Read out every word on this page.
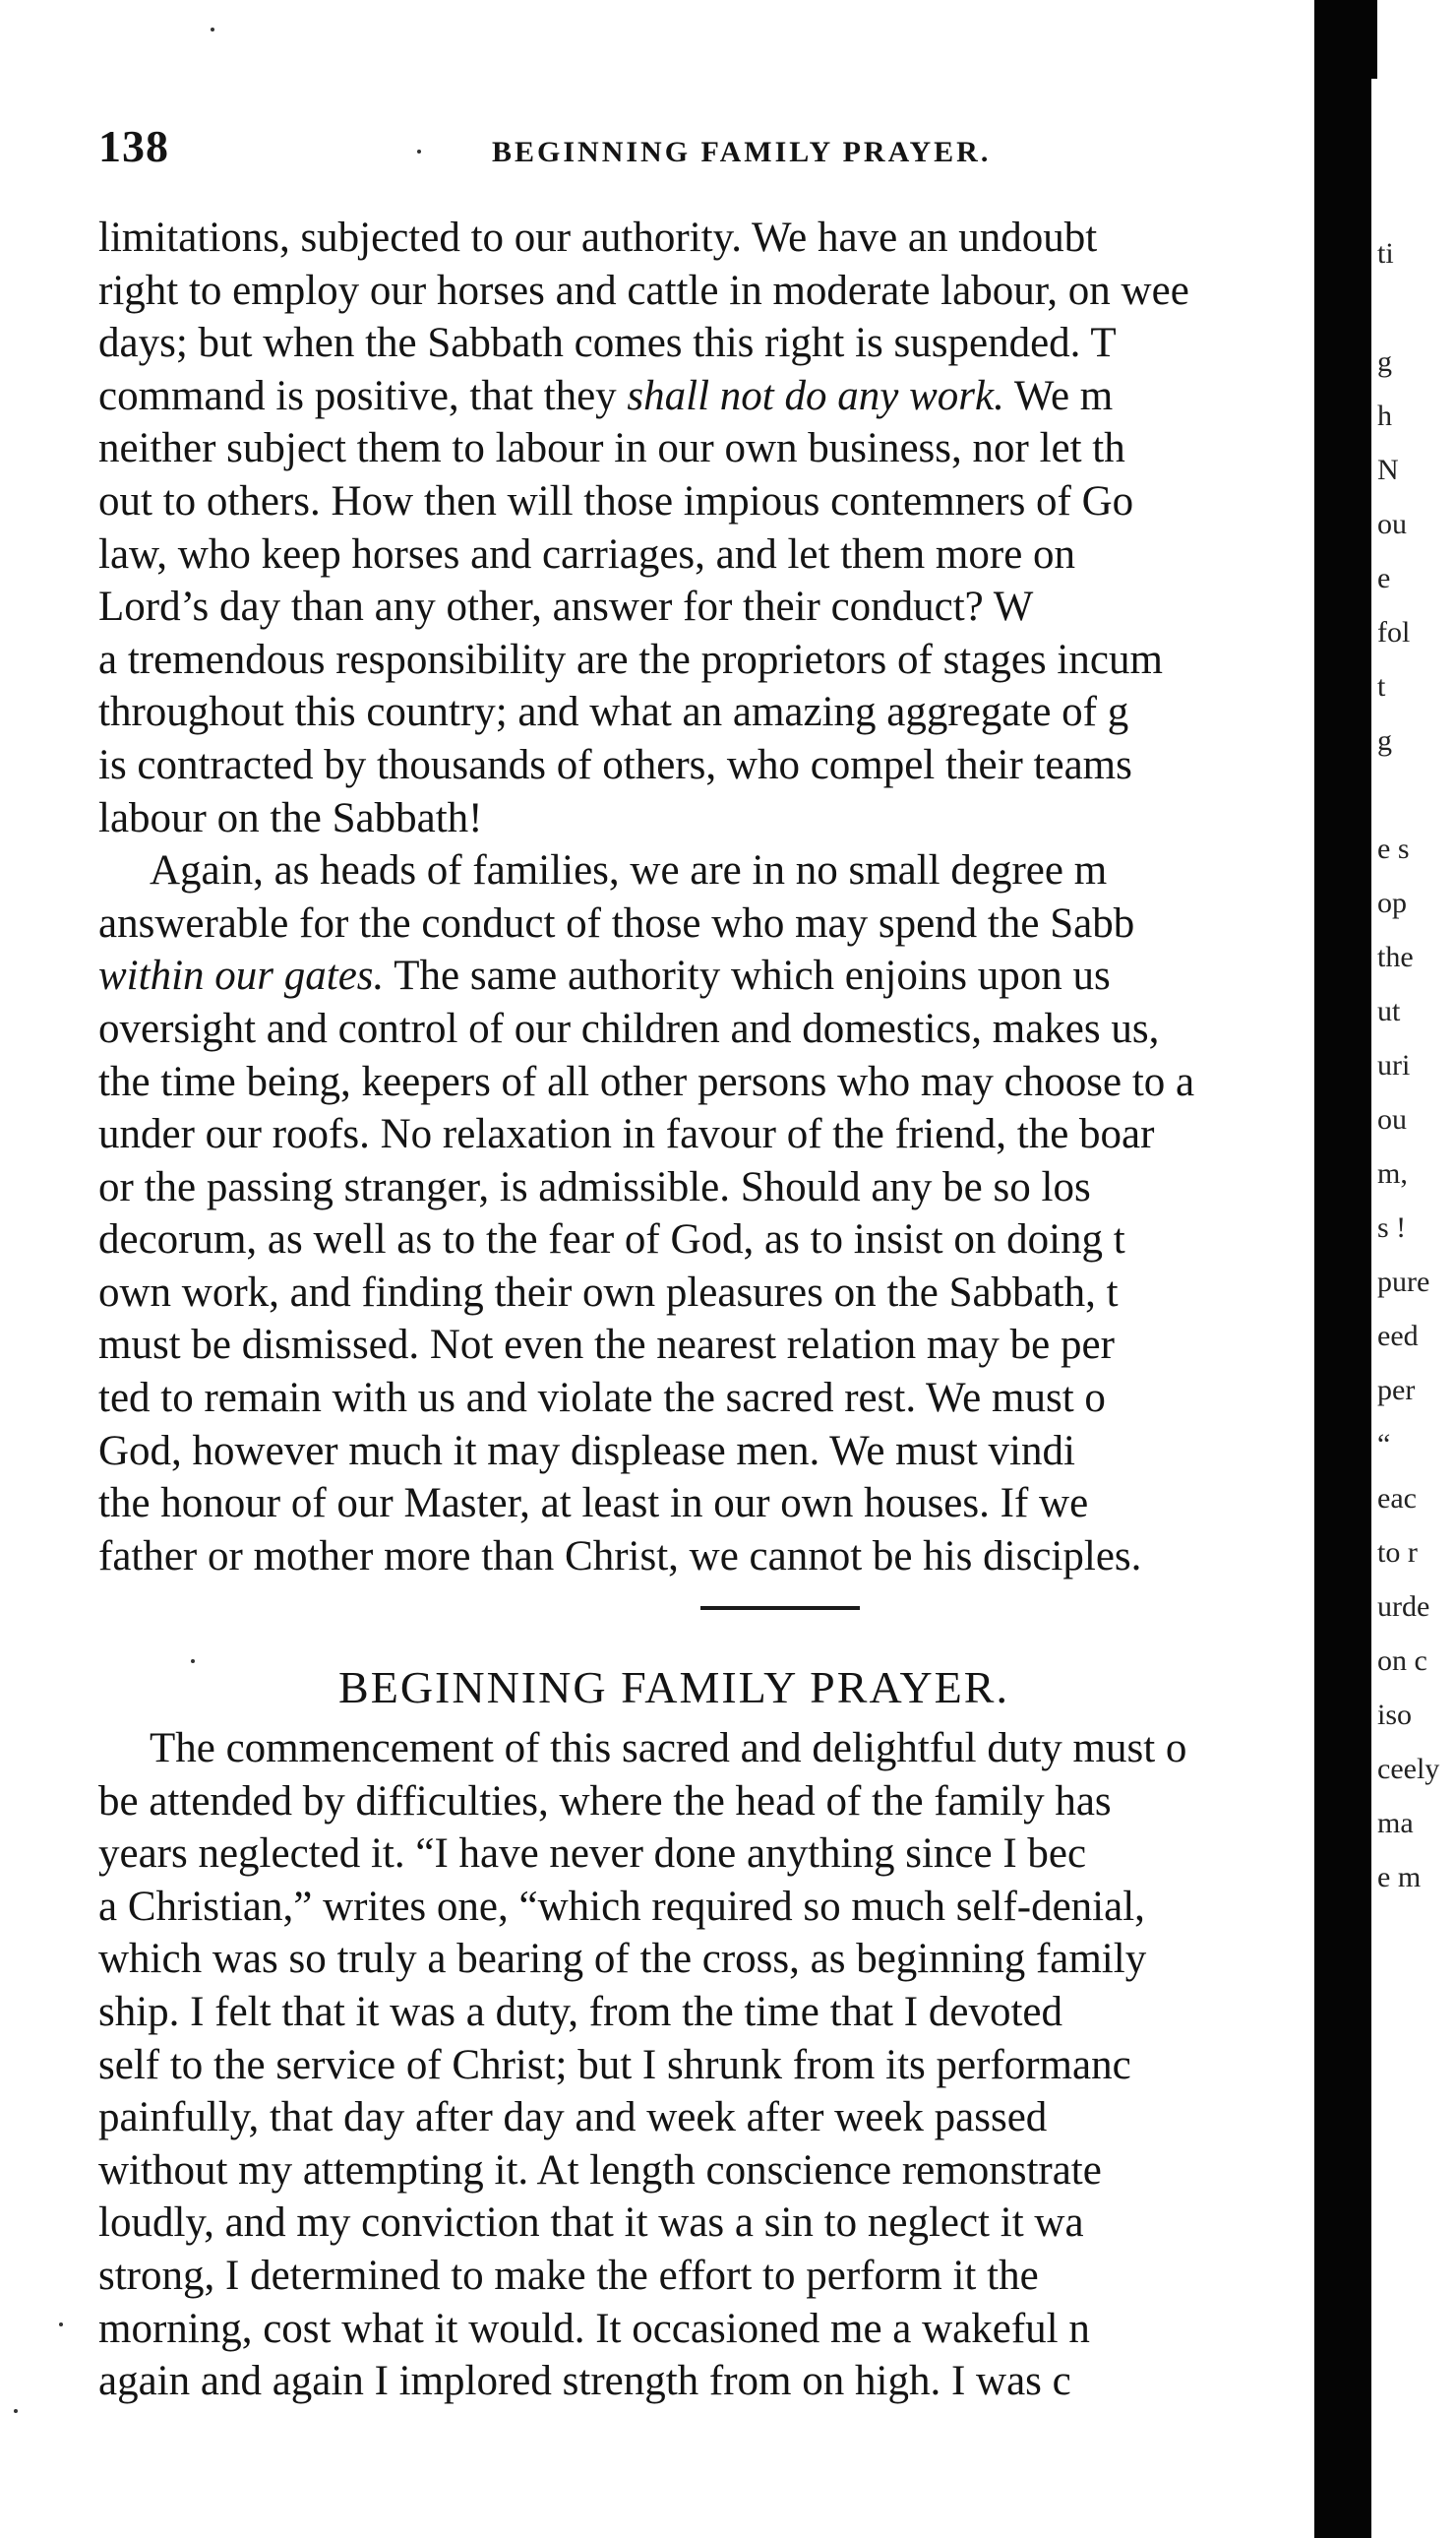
138	BEGINNING FAMILY PRAYER.
limitations, subjected to our authority. We have an undoubt
right to employ our horses and cattle in moderate labour, on wee
days; but when the Sabbath comes this right is suspended. T
command is positive, that they shall not do any work. We m
neither subject them to labour in our own business, nor let th
out to others. How then will those impious contemners of Go
law, who keep horses and carriages, and let them more on
Lord’s day than any other, answer for their conduct? W
a tremendous responsibility are the proprietors of stages incum
throughout this country; and what an amazing aggregate of g
is contracted by thousands of others, who compel their teams
labour on the Sabbath!
Again, as heads of families, we are in no small degree m
answerable for the conduct of those who may spend the Sabb
within our gates. The same authority which enjoins upon us
oversight and control of our children and domestics, makes us,
the time being, keepers of all other persons who may choose to a
under our roofs. No relaxation in favour of the friend, the boar
or the passing stranger, is admissible. Should any be so los
decorum, as well as to the fear of God, as to insist on doing t
own work, and finding their own pleasures on the Sabbath, t
must be dismissed. Not even the nearest relation may be per
ted to remain with us and violate the sacred rest. We must o
God, however much it may displease men. We must vindi
the honour of our Master, at least in our own houses. If we
father or mother more than Christ, we cannot be his disciples.
BEGINNING FAMILY PRAYER.
The commencement of this sacred and delightful duty must o
be attended by difficulties, where the head of the family has
years neglected it. “I have never done anything since I bec
a Christian,” writes one, “which required so much self-denial,
which was so truly a bearing of the cross, as beginning family
ship. I felt that it was a duty, from the time that I devoted
self to the service of Christ; but I shrunk from its performanc
painfully, that day after day and week after week passed
without my attempting it. At length conscience remonstrate
loudly, and my conviction that it was a sin to neglect it wa
strong, I determined to make the effort to perform it the
morning, cost what it would. It occasioned me a wakeful n
again and again I implored strength from on high. I was c
ti

g
h
N
ou
e
fol
t
g

e s
op
the
ut
uri
ou
m,
s !
pure
eed
per
“
eac
to r
urde
on c
iso
ceely
ma
e m
